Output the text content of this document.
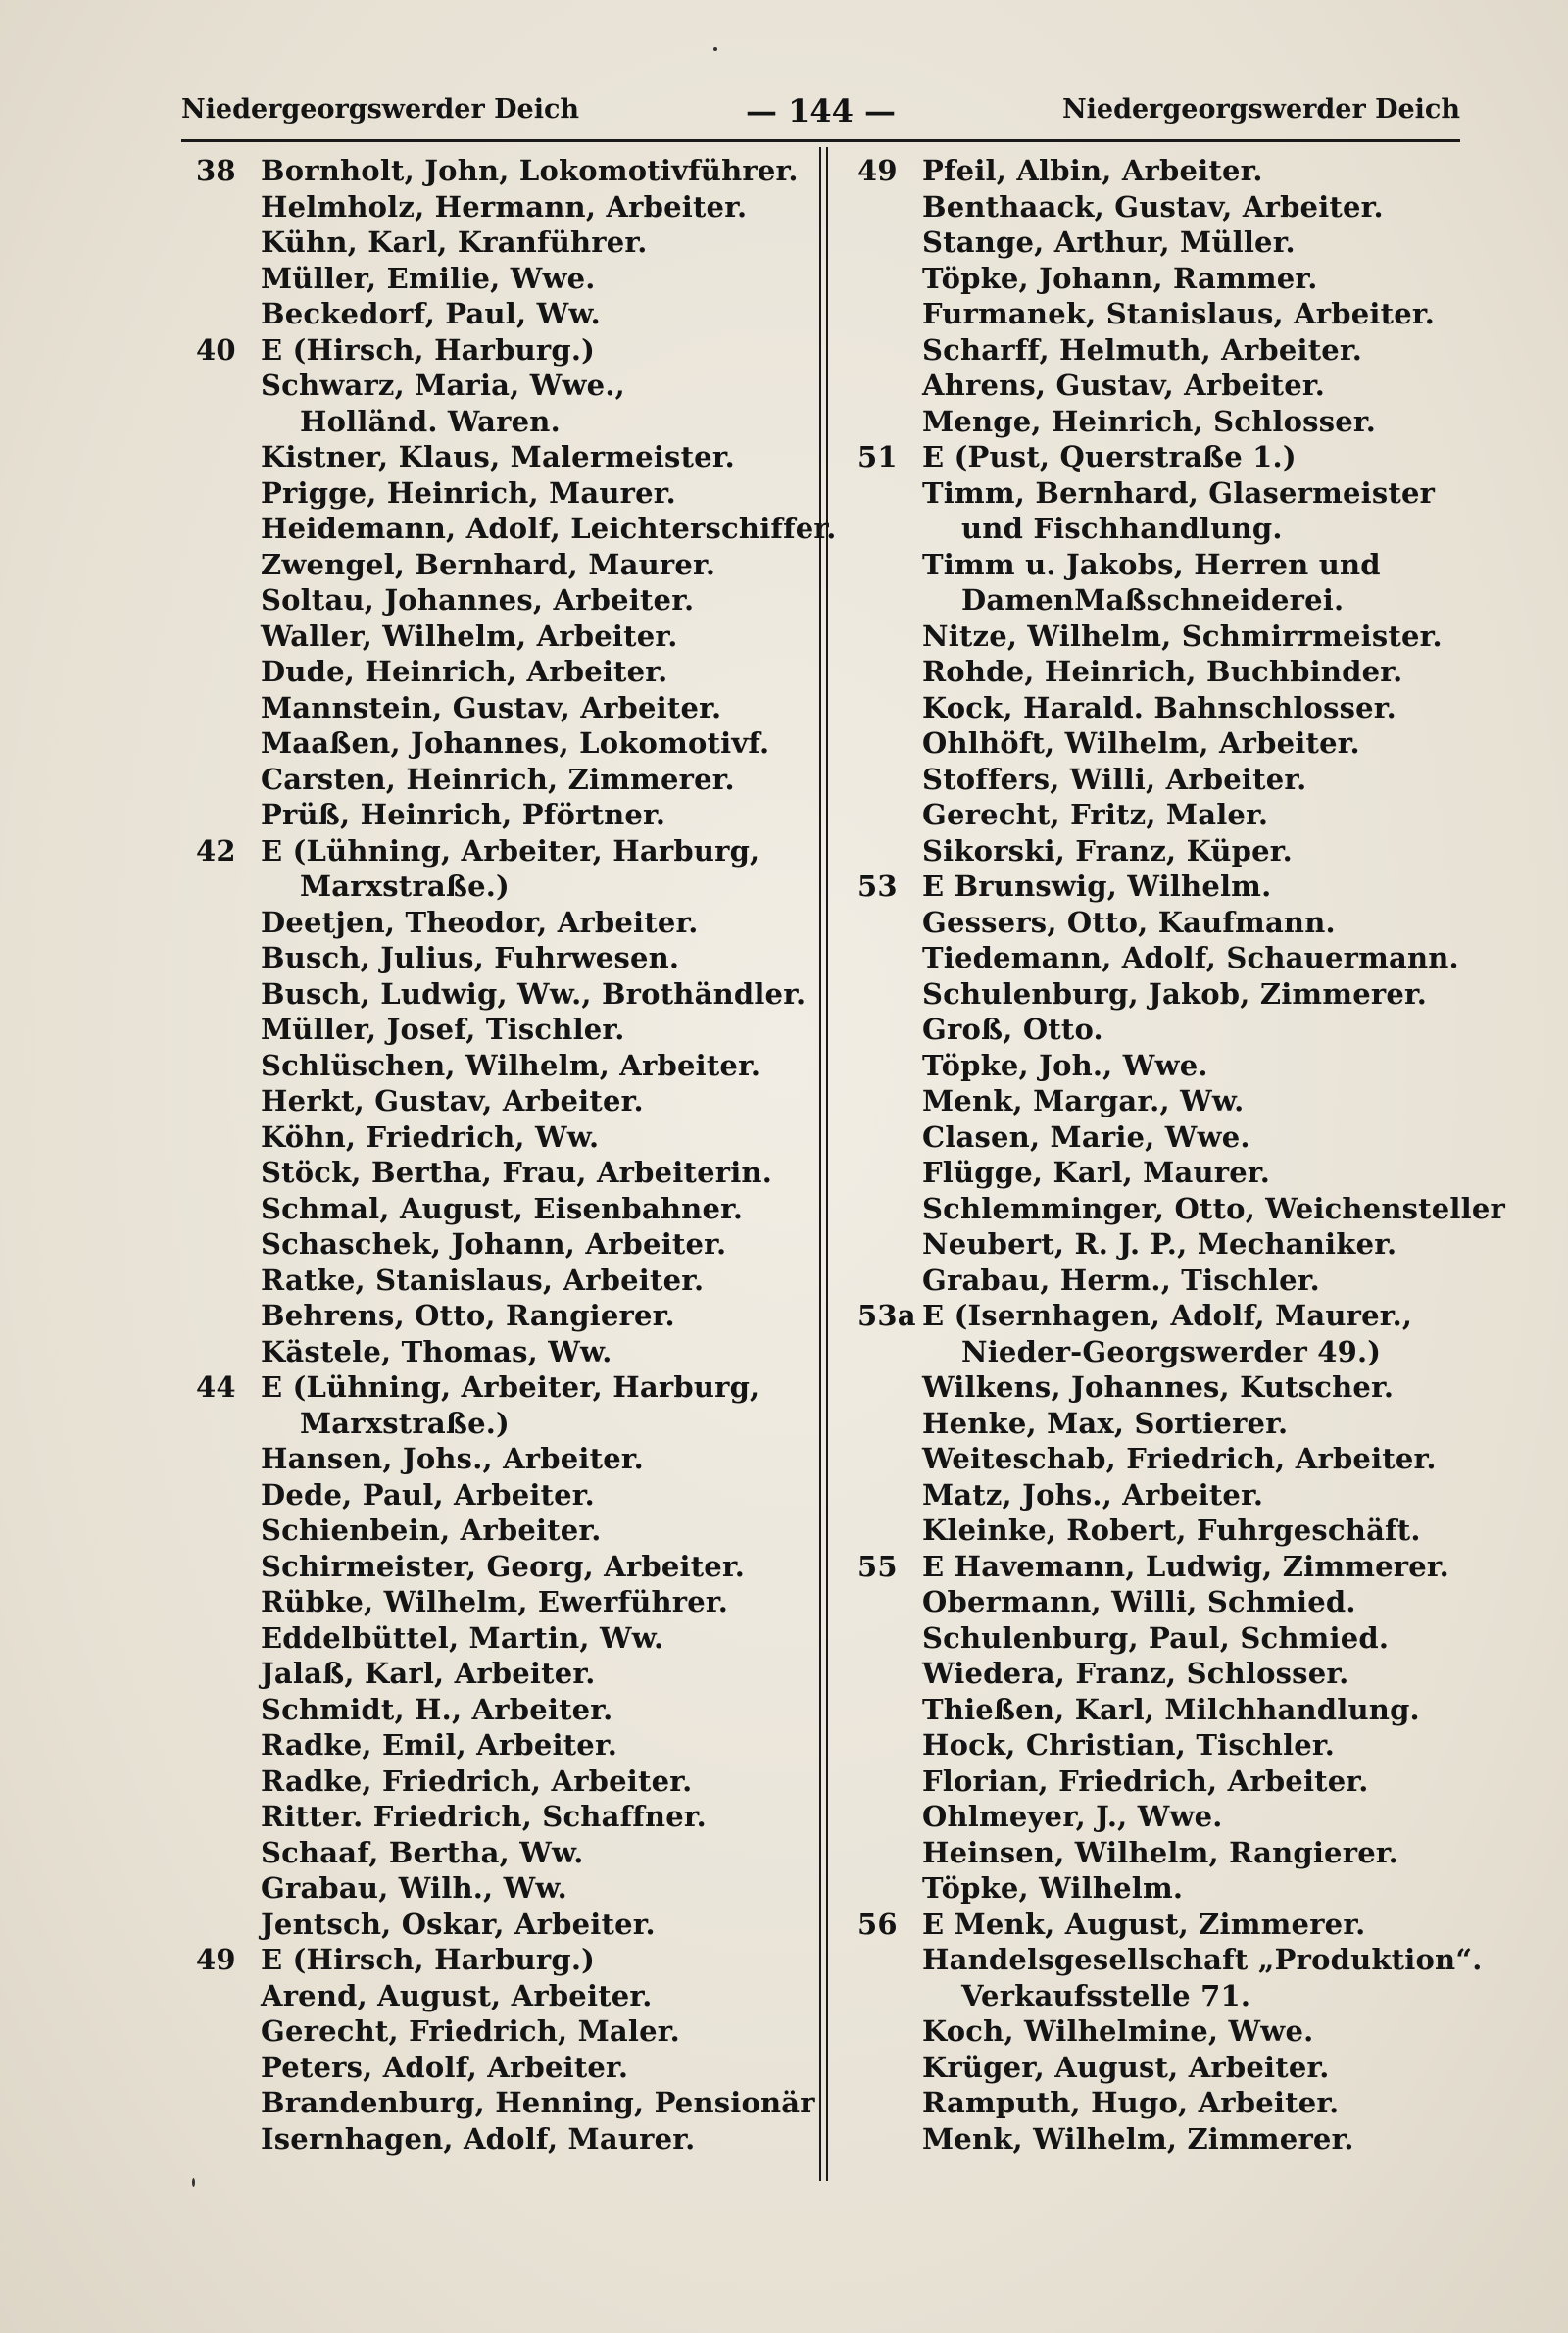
Niedergeorgswerder Deich	— 144 —	Niedergeorgswerder Deich
38 Bornholt, John, Lokomotivführer.
Helmholz, Hermann, Arbeiter.
Kühn, Karl, Kranführer.
Müller, Emilie, Wwe.
Beckedorf, Paul, Ww.
40 E (Hirsch, Harburg.)
Schwarz, Maria, Wwe.,
Holländ. Waren.
Kistner, Klaus, Malermeister.
Prigge, Heinrich, Maurer.
Heidemann, Adolf, Leichterschiffer.
Zwengel, Bernhard, Maurer.
Soltau, Johannes, Arbeiter.
Waller, Wilhelm, Arbeiter.
Dude, Heinrich, Arbeiter.
Mannstein, Gustav, Arbeiter.
Maaßen, Johannes, Lokomotivf.
Carsten, Heinrich, Zimmerer.
Prüß, Heinrich, Pförtner.
42 E (Lühning, Arbeiter, Harburg,
Marxstraße.)
Deetjen, Theodor, Arbeiter.
Busch, Julius, Fuhrwesen.
Busch, Ludwig, Ww., Brothändler.
Müller, Josef, Tischler.
Schlüschen, Wilhelm, Arbeiter.
Herkt, Gustav, Arbeiter.
Köhn, Friedrich, Ww.
Stöck, Bertha, Frau, Arbeiterin.
Schmal, August, Eisenbahner.
Schaschek, Johann, Arbeiter.
Ratke, Stanislaus, Arbeiter.
Behrens, Otto, Rangierer.
Kästele, Thomas, Ww.
44 E (Lühning, Arbeiter, Harburg,
Marxstraße.)
Hansen, Johs., Arbeiter.
Dede, Paul, Arbeiter.
Schienbein, Arbeiter.
Schirmeister, Georg, Arbeiter.
Rübke, Wilhelm, Ewerführer.
Eddelbüttel, Martin, Ww.
Jalaß, Karl, Arbeiter.
Schmidt, H., Arbeiter.
Radke, Emil, Arbeiter.
Radke, Friedrich, Arbeiter.
Ritter. Friedrich, Schaffner.
Schaaf, Bertha, Ww.
Grabau, Wilh., Ww.
Jentsch, Oskar, Arbeiter.
49 E (Hirsch, Harburg.)
Arend, August, Arbeiter.
Gerecht, Friedrich, Maler.
Peters, Adolf, Arbeiter.
Brandenburg, Henning, Pensionär
Isernhagen, Adolf, Maurer.
49 Pfeil, Albin, Arbeiter.
Benthaack, Gustav, Arbeiter.
Stange, Arthur, Müller.
Töpke, Johann, Rammer.
Furmanek, Stanislaus, Arbeiter.
Scharff, Helmuth, Arbeiter.
Ahrens, Gustav, Arbeiter.
Menge, Heinrich, Schlosser.
51 E (Pust, Querstraße 1.)
Timm, Bernhard, Glasermeister
und Fischhandlung.
Timm u. Jakobs, Herren und
DamenMaßschneiderei.
Nitze, Wilhelm, Schmirrmeister.
Rohde, Heinrich, Buchbinder.
Kock, Harald. Bahnschlosser.
Ohlhöft, Wilhelm, Arbeiter.
Stoffers, Willi, Arbeiter.
Gerecht, Fritz, Maler.
Sikorski, Franz, Küper.
53 E Brunswig, Wilhelm.
Gessers, Otto, Kaufmann.
Tiedemann, Adolf, Schauermann.
Schulenburg, Jakob, Zimmerer.
Groß, Otto.
Töpke, Joh., Wwe.
Menk, Margar., Ww.
Clasen, Marie, Wwe.
Flügge, Karl, Maurer.
Schlemminger, Otto, Weichensteller
Neubert, R. J. P., Mechaniker.
Grabau, Herm., Tischler.
53a E (Isernhagen, Adolf, Maurer.,
Nieder-Georgswerder 49.)
Wilkens, Johannes, Kutscher.
Henke, Max, Sortierer.
Weiteschab, Friedrich, Arbeiter.
Matz, Johs., Arbeiter.
Kleinke, Robert, Fuhrgeschäft.
55 E Havemann, Ludwig, Zimmerer.
Obermann, Willi, Schmied.
Schulenburg, Paul, Schmied.
Wiedera, Franz, Schlosser.
Thießen, Karl, Milchhandlung.
Hock, Christian, Tischler.
Florian, Friedrich, Arbeiter.
Ohlmeyer, J., Wwe.
Heinsen, Wilhelm, Rangierer.
Töpke, Wilhelm.
56 E Menk, August, Zimmerer.
Handelsgesellschaft „Produktion“.
Verkaufsstelle 71.
Koch, Wilhelmine, Wwe.
Krüger, August, Arbeiter.
Ramputh, Hugo, Arbeiter.
Menk, Wilhelm, Zimmerer.
